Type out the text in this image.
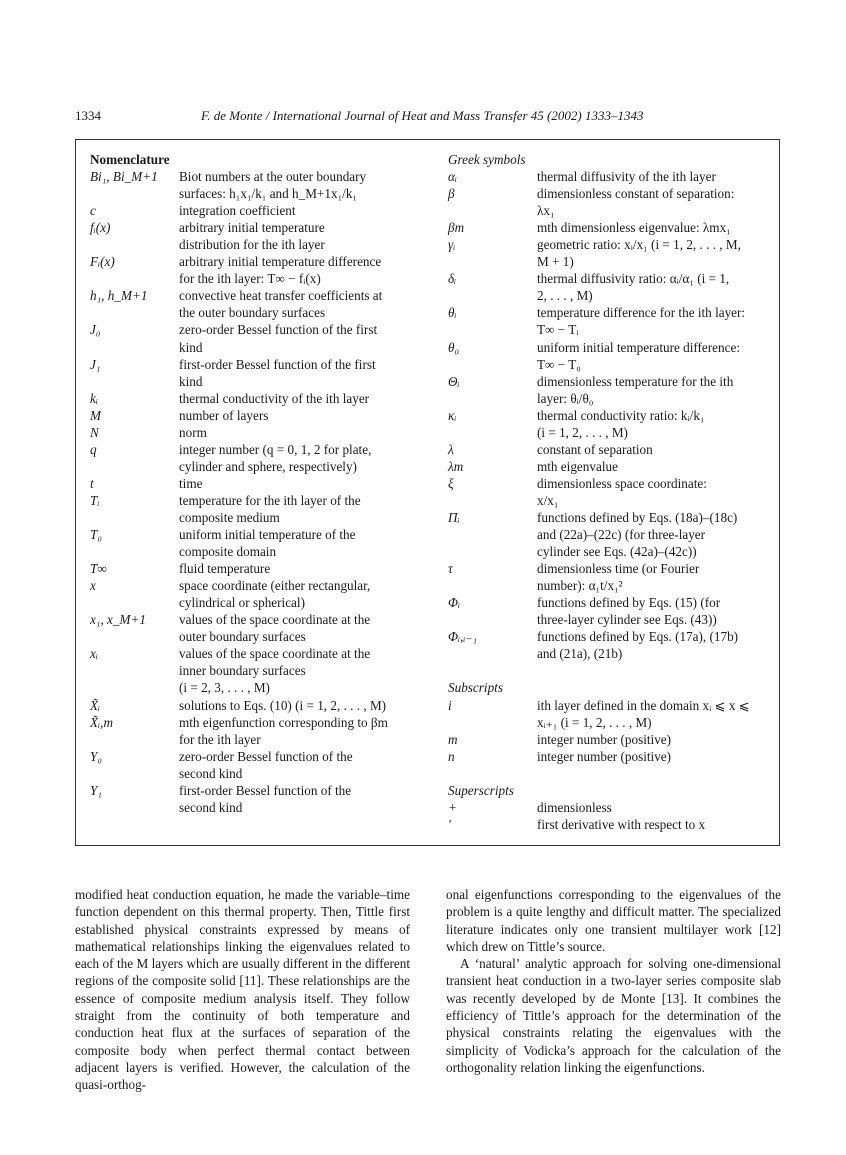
1334	F. de Monte / International Journal of Heat and Mass Transfer 45 (2002) 1333–1343
Nomenclature
Bi₁, Bi_M+1	Biot numbers at the outer boundary
surfaces: h₁x₁/k₁ and h_M+1x₁/k₁
c	integration coefficient
fᵢ(x)	arbitrary initial temperature
distribution for the ith layer
Fᵢ(x)	arbitrary initial temperature difference
for the ith layer: T∞ − fᵢ(x)
h₁, h_M+1	convective heat transfer coefficients at
the outer boundary surfaces
J₀	zero-order Bessel function of the first
kind
J₁	first-order Bessel function of the first
kind
kᵢ	thermal conductivity of the ith layer
M	number of layers
N	norm
q	integer number (q = 0, 1, 2 for plate,
cylinder and sphere, respectively)
t	time
Tᵢ	temperature for the ith layer of the
composite medium
T₀	uniform initial temperature of the
composite domain
T∞	fluid temperature
x	space coordinate (either rectangular,
cylindrical or spherical)
x₁, x_M+1	values of the space coordinate at the
outer boundary surfaces
xᵢ	values of the space coordinate at the
inner boundary surfaces
(i = 2, 3, . . . , M)
X̃ᵢ	solutions to Eqs. (10) (i = 1, 2, . . . , M)
X̃ᵢ,m	mth eigenfunction corresponding to βm
for the ith layer
Y₀	zero-order Bessel function of the
second kind
Y₁	first-order Bessel function of the
second kind
Greek symbols
αᵢ	thermal diffusivity of the ith layer
β	dimensionless constant of separation:
λx₁
βm	mth dimensionless eigenvalue: λmx₁
γᵢ	geometric ratio: xᵢ/x₁ (i = 1, 2, . . . , M,
M + 1)
δᵢ	thermal diffusivity ratio: αᵢ/α₁ (i = 1,
2, . . . , M)
θᵢ	temperature difference for the ith layer:
T∞ − Tᵢ
θ₀	uniform initial temperature difference:
T∞ − T₀
Θᵢ	dimensionless temperature for the ith
layer: θᵢ/θ₀
κᵢ	thermal conductivity ratio: kᵢ/k₁
(i = 1, 2, . . . , M)
λ	constant of separation
λm	mth eigenvalue
ξ	dimensionless space coordinate:
x/x₁
Πᵢ	functions defined by Eqs. (18a)–(18c)
and (22a)–(22c) (for three-layer
cylinder see Eqs. (42a)–(42c))
τ	dimensionless time (or Fourier
number): α₁t/x₁²
Φᵢ	functions defined by Eqs. (15) (for
three-layer cylinder see Eqs. (43))
Φᵢ,ᵢ₋₁	functions defined by Eqs. (17a), (17b)
and (21a), (21b)
Subscripts
i	ith layer defined in the domain xᵢ ⩽ x ⩽
xᵢ₊₁ (i = 1, 2, . . . , M)
m	integer number (positive)
n	integer number (positive)
Superscripts
+	dimensionless
′	first derivative with respect to x

modified heat conduction equation, he made the variable–time function dependent on this thermal property. Then, Tittle first established physical constraints expressed by means of mathematical relationships linking the eigenvalues related to each of the M layers which are usually different in the different regions of the composite solid [11]. These relationships are the essence of composite medium analysis itself. They follow straight from the continuity of both temperature and conduction heat flux at the surfaces of separation of the composite body when perfect thermal contact between adjacent layers is verified. However, the calculation of the quasi-orthog-

onal eigenfunctions corresponding to the eigenvalues of the problem is a quite lengthy and difficult matter. The specialized literature indicates only one transient multilayer work [12] which drew on Tittle’s source.

A ‘natural’ analytic approach for solving one-dimensional transient heat conduction in a two-layer series composite slab was recently developed by de Monte [13]. It combines the efficiency of Tittle’s approach for the determination of the physical constraints relating the eigenvalues with the simplicity of Vodicka’s approach for the calculation of the orthogonality relation linking the eigenfunctions.
